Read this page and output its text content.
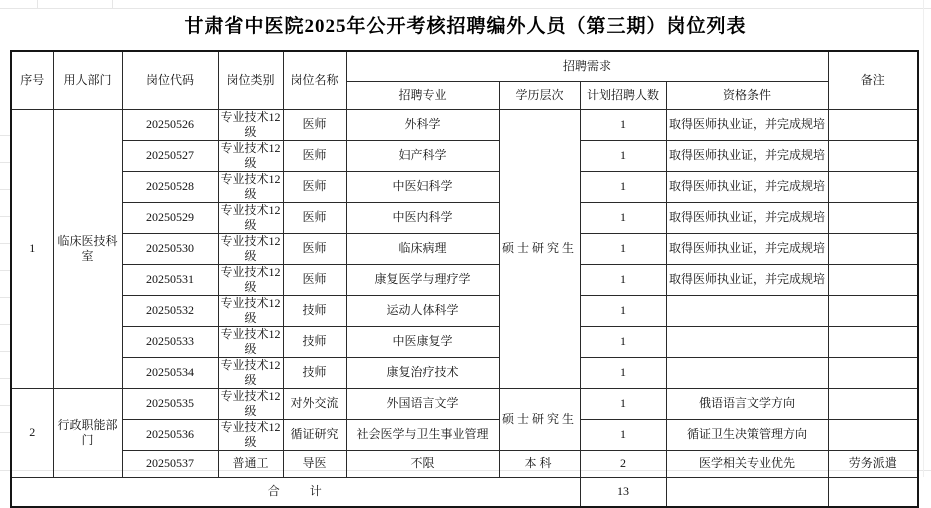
甘肃省中医院2025年公开考核招聘编外人员（第三期）岗位列表
序号	用人部门	岗位代码	岗位类别	岗位名称	招聘需求				备注
					招聘专业	学历层次	计划招聘人数	资格条件	
1	临床医技科室	20250526	专业技术12级	医师	外科学	硕士研究生	1	取得医师执业证，并完成规培	
		20250527	专业技术12级	医师	妇产科学		1	取得医师执业证，并完成规培	
		20250528	专业技术12级	医师	中医妇科学		1	取得医师执业证，并完成规培	
		20250529	专业技术12级	医师	中医内科学		1	取得医师执业证，并完成规培	
		20250530	专业技术12级	医师	临床病理		1	取得医师执业证，并完成规培	
		20250531	专业技术12级	医师	康复医学与理疗学		1	取得医师执业证，并完成规培	
		20250532	专业技术12级	技师	运动人体科学		1		
		20250533	专业技术12级	技师	中医康复学		1		
		20250534	专业技术12级	技师	康复治疗技术		1		
2	行政职能部门	20250535	专业技术12级	对外交流	外国语言文学	硕士研究生	1	俄语语言文学方向	
		20250536	专业技术12级	循证研究	社会医学与卫生事业管理		1	循证卫生决策管理方向	
		20250537	普通工	导医	不限	本科	2	医学相关专业优先	劳务派遣
合　　计							13		
